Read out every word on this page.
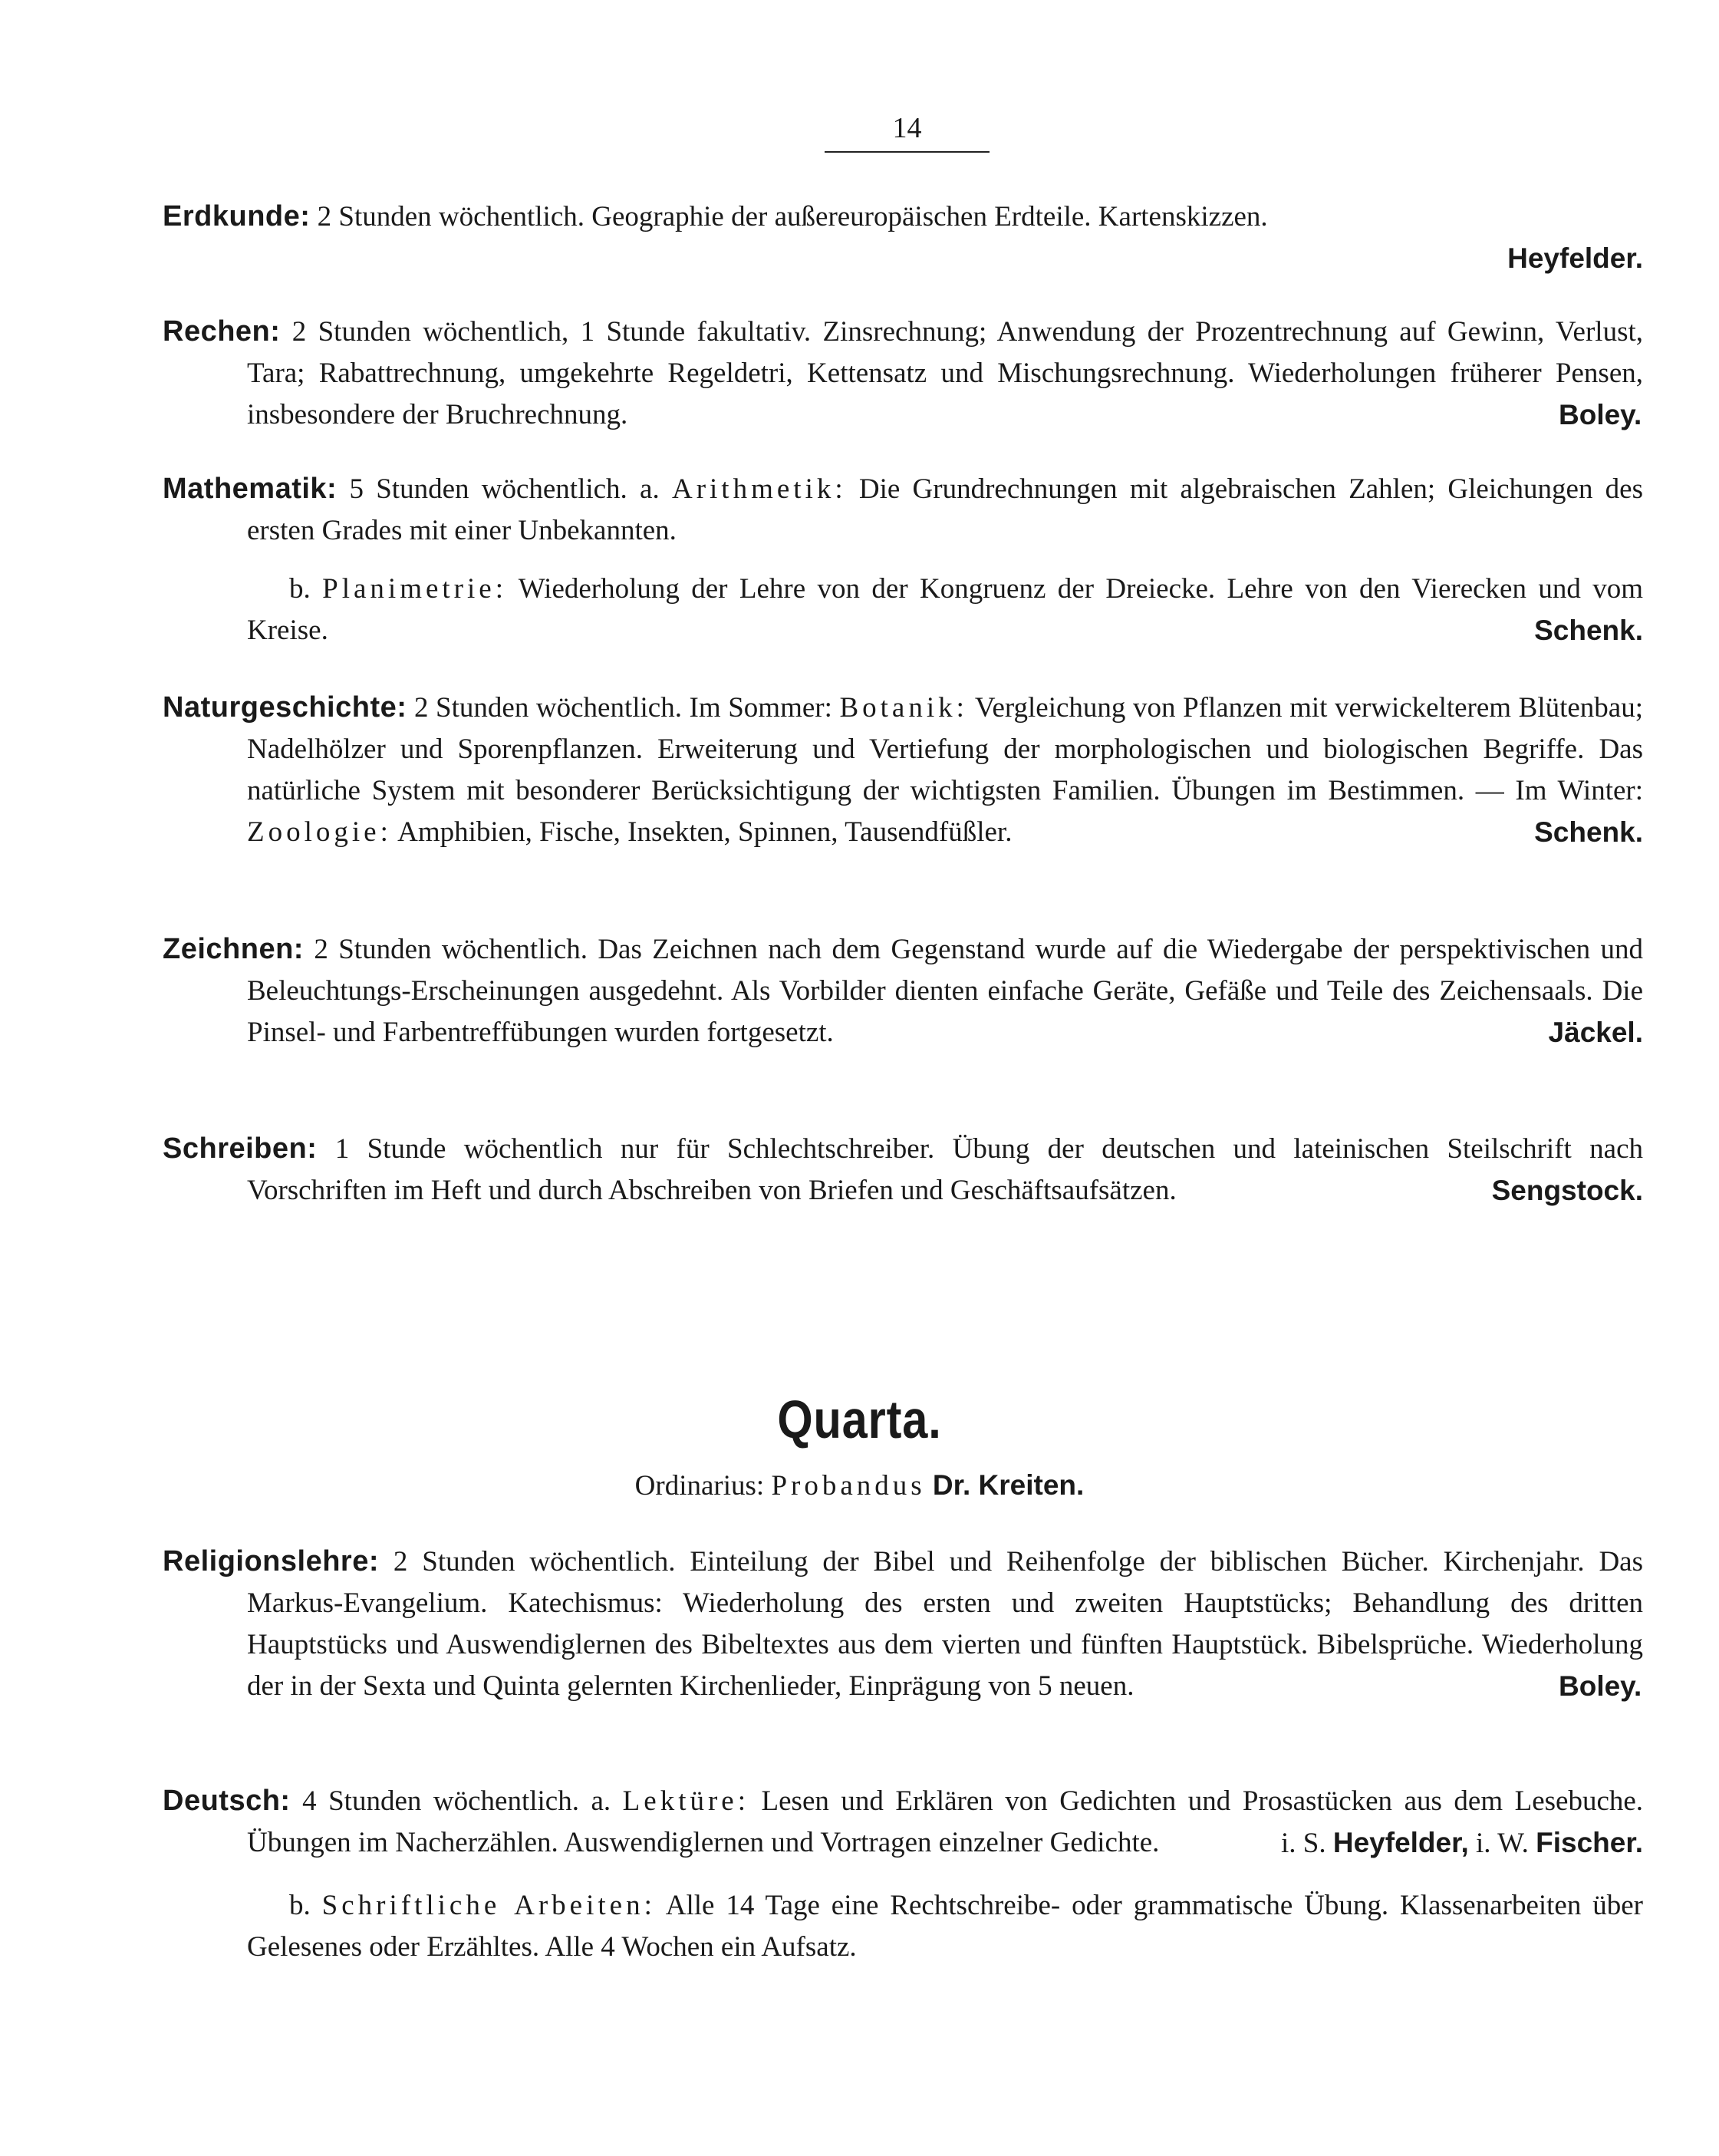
14

Erdkunde: 2 Stunden wöchentlich. Geographie der außereuropäischen Erdteile. Kartenskizzen.

Heyfelder.

Rechen: 2 Stunden wöchentlich, 1 Stunde fakultativ. Zinsrechnung; Anwendung der Prozentrechnung auf Gewinn, Verlust, Tara; Rabattrechnung, umgekehrte Regeldetri, Kettensatz und Mischungsrechnung. Wiederholungen früherer Pensen, insbesondere der Bruchrechnung.	Boley.

Mathematik: 5 Stunden wöchentlich. a. Arithmetik: Die Grundrechnungen mit algebraischen Zahlen; Gleichungen des ersten Grades mit einer Unbekannten.

b. Planimetrie: Wiederholung der Lehre von der Kongruenz der Dreiecke. Lehre von den Vierecken und vom Kreise.	Schenk.

Naturgeschichte: 2 Stunden wöchentlich. Im Sommer: Botanik: Vergleichung von Pflanzen mit verwickelterem Blütenbau; Nadelhölzer und Sporenpflanzen. Erweiterung und Vertiefung der morphologischen und biologischen Begriffe. Das natürliche System mit besonderer Berücksichtigung der wichtigsten Familien. Übungen im Bestimmen. — Im Winter: Zoologie: Amphibien, Fische, Insekten, Spinnen, Tausendfüßler.	Schenk.

Zeichnen: 2 Stunden wöchentlich. Das Zeichnen nach dem Gegenstand wurde auf die Wiedergabe der perspektivischen und Beleuchtungs-Erscheinungen ausgedehnt. Als Vorbilder dienten einfache Geräte, Gefäße und Teile des Zeichensaals. Die Pinsel- und Farbentreffübungen wurden fortgesetzt.	Jäckel.

Schreiben: 1 Stunde wöchentlich nur für Schlechtschreiber. Übung der deutschen und lateinischen Steilschrift nach Vorschriften im Heft und durch Abschreiben von Briefen und Geschäftsaufsätzen.	Sengstock.

Quarta.
Ordinarius: Probandus Dr. Kreiten.

Religionslehre: 2 Stunden wöchentlich. Einteilung der Bibel und Reihenfolge der biblischen Bücher. Kirchenjahr. Das Markus-Evangelium. Katechismus: Wiederholung des ersten und zweiten Hauptstücks; Behandlung des dritten Hauptstücks und Auswendiglernen des Bibeltextes aus dem vierten und fünften Hauptstück. Bibelsprüche. Wiederholung der in der Sexta und Quinta gelernten Kirchenlieder, Einprägung von 5 neuen.	Boley.

Deutsch: 4 Stunden wöchentlich. a. Lektüre: Lesen und Erklären von Gedichten und Prosastücken aus dem Lesebuche. Übungen im Nacherzählen. Auswendiglernen und Vortragen einzelner Gedichte.	i. S. Heyfelder, i. W. Fischer.

b. Schriftliche Arbeiten: Alle 14 Tage eine Rechtschreibe- oder grammatische Übung. Klassenarbeiten über Gelesenes oder Erzähltes. Alle 4 Wochen ein Aufsatz.
